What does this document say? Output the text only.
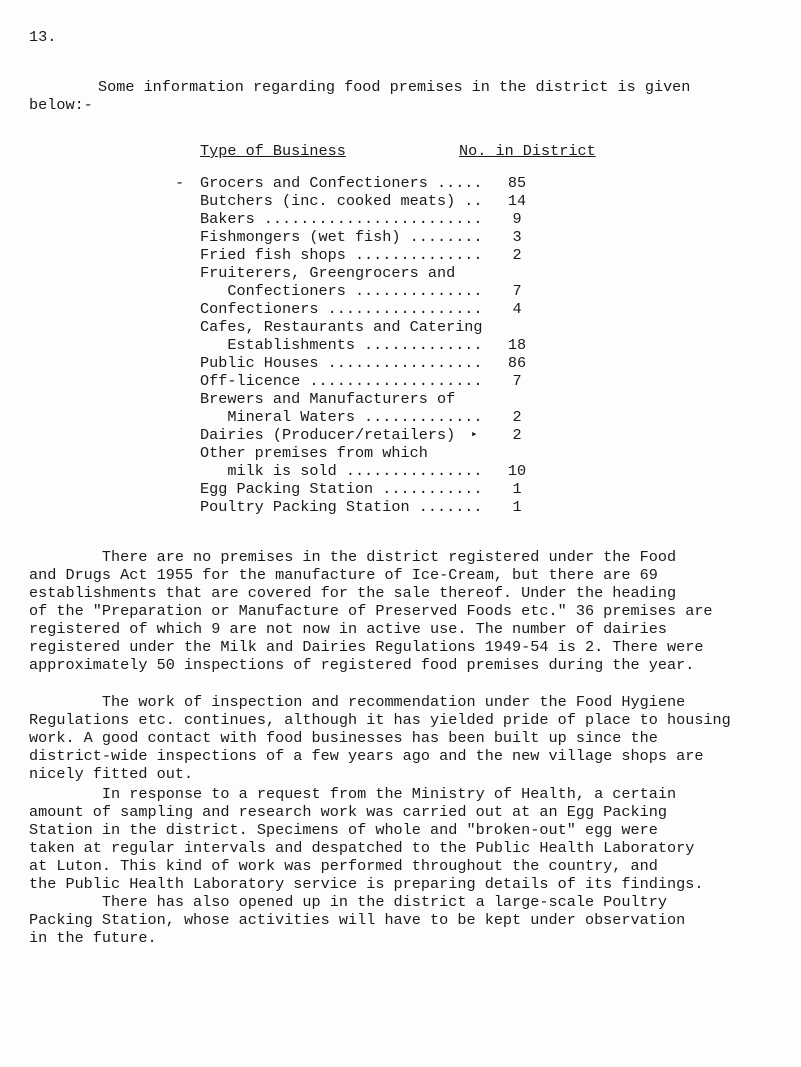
13.
Some information regarding food premises in the district is given
below:-
Type of Business	No. in District
- Grocers and Confectioners .....	85
Butchers (inc. cooked meats) ..	14
Bakers ........................	9
Fishmongers (wet fish) ........	3
Fried fish shops ..............	2
Fruiterers, Greengrocers and
Confectioners ..............	7
Confectioners .................	4
Cafes, Restaurants and Catering
Establishments .............	18
Public Houses .................	86
Off-licence ...................	7
Brewers and Manufacturers of
Mineral Waters .............	2
Dairies (Producer/retailers) ▸	2
Other premises from which
milk is sold ...............	10
Egg Packing Station ...........	1
Poultry Packing Station .......	1
There are no premises in the district registered under the Food
and Drugs Act 1955 for the manufacture of Ice-Cream, but there are 69
establishments that are covered for the sale thereof. Under the heading
of the "Preparation or Manufacture of Preserved Foods etc." 36 premises are
registered of which 9 are not now in active use. The number of dairies
registered under the Milk and Dairies Regulations 1949-54 is 2. There were
approximately 50 inspections of registered food premises during the year.
The work of inspection and recommendation under the Food Hygiene
Regulations etc. continues, although it has yielded pride of place to housing
work. A good contact with food businesses has been built up since the
district-wide inspections of a few years ago and the new village shops are
nicely fitted out.
In response to a request from the Ministry of Health, a certain
amount of sampling and research work was carried out at an Egg Packing
Station in the district. Specimens of whole and "broken-out" egg were
taken at regular intervals and despatched to the Public Health Laboratory
at Luton. This kind of work was performed throughout the country, and
the Public Health Laboratory service is preparing details of its findings.
There has also opened up in the district a large-scale Poultry
Packing Station, whose activities will have to be kept under observation
in the future.
